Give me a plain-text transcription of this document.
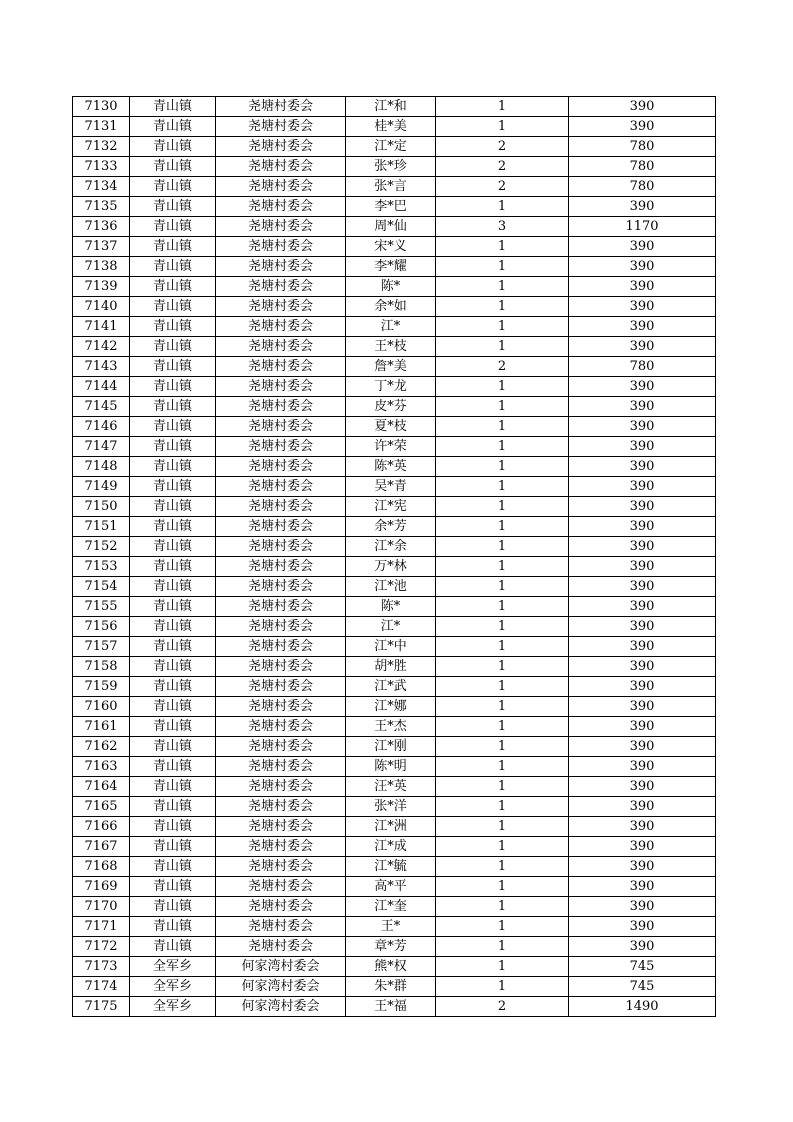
7130	青山镇	尧塘村委会	江*和	1	390
7131	青山镇	尧塘村委会	桂*美	1	390
7132	青山镇	尧塘村委会	江*定	2	780
7133	青山镇	尧塘村委会	张*珍	2	780
7134	青山镇	尧塘村委会	张*言	2	780
7135	青山镇	尧塘村委会	李*巴	1	390
7136	青山镇	尧塘村委会	周*仙	3	1170
7137	青山镇	尧塘村委会	宋*义	1	390
7138	青山镇	尧塘村委会	李*耀	1	390
7139	青山镇	尧塘村委会	陈*	1	390
7140	青山镇	尧塘村委会	余*如	1	390
7141	青山镇	尧塘村委会	江*	1	390
7142	青山镇	尧塘村委会	王*枝	1	390
7143	青山镇	尧塘村委会	詹*美	2	780
7144	青山镇	尧塘村委会	丁*龙	1	390
7145	青山镇	尧塘村委会	皮*芬	1	390
7146	青山镇	尧塘村委会	夏*枝	1	390
7147	青山镇	尧塘村委会	许*荣	1	390
7148	青山镇	尧塘村委会	陈*英	1	390
7149	青山镇	尧塘村委会	吴*青	1	390
7150	青山镇	尧塘村委会	江*宪	1	390
7151	青山镇	尧塘村委会	余*芳	1	390
7152	青山镇	尧塘村委会	江*余	1	390
7153	青山镇	尧塘村委会	万*林	1	390
7154	青山镇	尧塘村委会	江*池	1	390
7155	青山镇	尧塘村委会	陈*	1	390
7156	青山镇	尧塘村委会	江*	1	390
7157	青山镇	尧塘村委会	江*中	1	390
7158	青山镇	尧塘村委会	胡*胜	1	390
7159	青山镇	尧塘村委会	江*武	1	390
7160	青山镇	尧塘村委会	江*娜	1	390
7161	青山镇	尧塘村委会	王*杰	1	390
7162	青山镇	尧塘村委会	江*刚	1	390
7163	青山镇	尧塘村委会	陈*明	1	390
7164	青山镇	尧塘村委会	汪*英	1	390
7165	青山镇	尧塘村委会	张*洋	1	390
7166	青山镇	尧塘村委会	江*洲	1	390
7167	青山镇	尧塘村委会	江*成	1	390
7168	青山镇	尧塘村委会	江*毓	1	390
7169	青山镇	尧塘村委会	高*平	1	390
7170	青山镇	尧塘村委会	江*奎	1	390
7171	青山镇	尧塘村委会	王*	1	390
7172	青山镇	尧塘村委会	章*芳	1	390
7173	全军乡	何家湾村委会	熊*权	1	745
7174	全军乡	何家湾村委会	朱*群	1	745
7175	全军乡	何家湾村委会	王*福	2	1490
